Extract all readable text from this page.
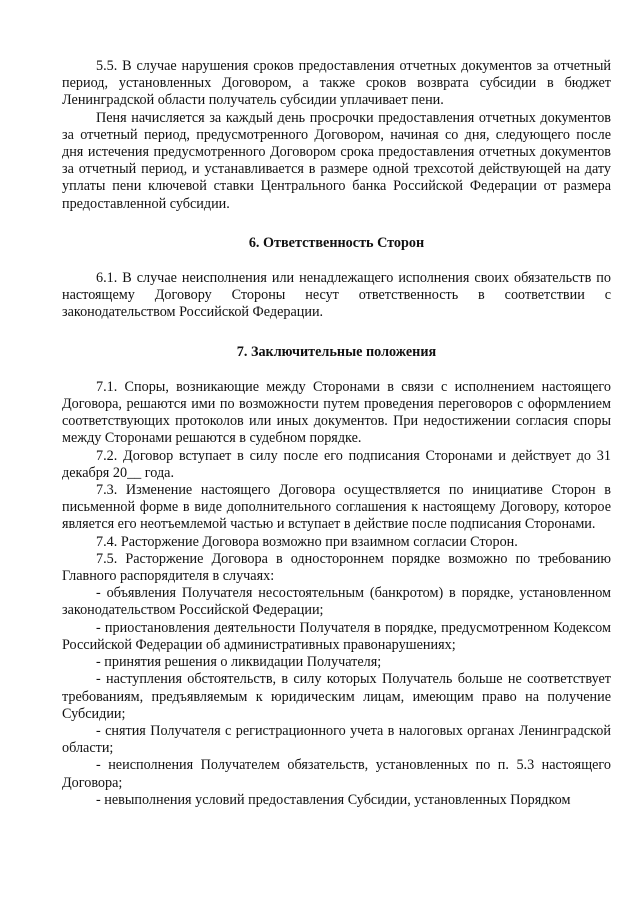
5.5. В случае нарушения сроков предоставления отчетных документов за отчетный период, установленных Договором, а также сроков возврата субсидии в бюджет Ленинградской области получатель субсидии уплачивает пени.

Пеня начисляется за каждый день просрочки предоставления отчетных документов за отчетный период, предусмотренного Договором, начиная со дня, следующего после дня истечения предусмотренного Договором срока предоставления отчетных документов за отчетный период, и устанавливается в размере одной трехсотой действующей на дату уплаты пени ключевой ставки Центрального банка Российской Федерации от размера предоставленной субсидии.

6. Ответственность Сторон

6.1. В случае неисполнения или ненадлежащего исполнения своих обязательств по настоящему Договору Стороны несут ответственность в соответствии с законодательством Российской Федерации.

7. Заключительные положения

7.1. Споры, возникающие между Сторонами в связи с исполнением настоящего Договора, решаются ими по возможности путем проведения переговоров с оформлением соответствующих протоколов или иных документов. При недостижении согласия споры между Сторонами решаются в судебном порядке.

7.2. Договор вступает в силу после его подписания Сторонами и действует до 31 декабря 20__ года.

7.3. Изменение настоящего Договора осуществляется по инициативе Сторон в письменной форме в виде дополнительного соглашения к настоящему Договору, которое является его неотъемлемой частью и вступает в действие после подписания Сторонами.

7.4. Расторжение Договора возможно при взаимном согласии Сторон.

7.5. Расторжение Договора в одностороннем порядке возможно по требованию Главного распорядителя в случаях:

- объявления Получателя несостоятельным (банкротом) в порядке, установленном законодательством Российской Федерации;

- приостановления деятельности Получателя в порядке, предусмотренном Кодексом Российской Федерации об административных правонарушениях;

- принятия решения о ликвидации Получателя;

- наступления обстоятельств, в силу которых Получатель больше не соответствует требованиям, предъявляемым к юридическим лицам, имеющим право на получение Субсидии;

- снятия Получателя с регистрационного учета в налоговых органах Ленинградской области;

- неисполнения Получателем обязательств, установленных по п. 5.3 настоящего Договора;

- невыполнения условий предоставления Субсидии, установленных Порядком
